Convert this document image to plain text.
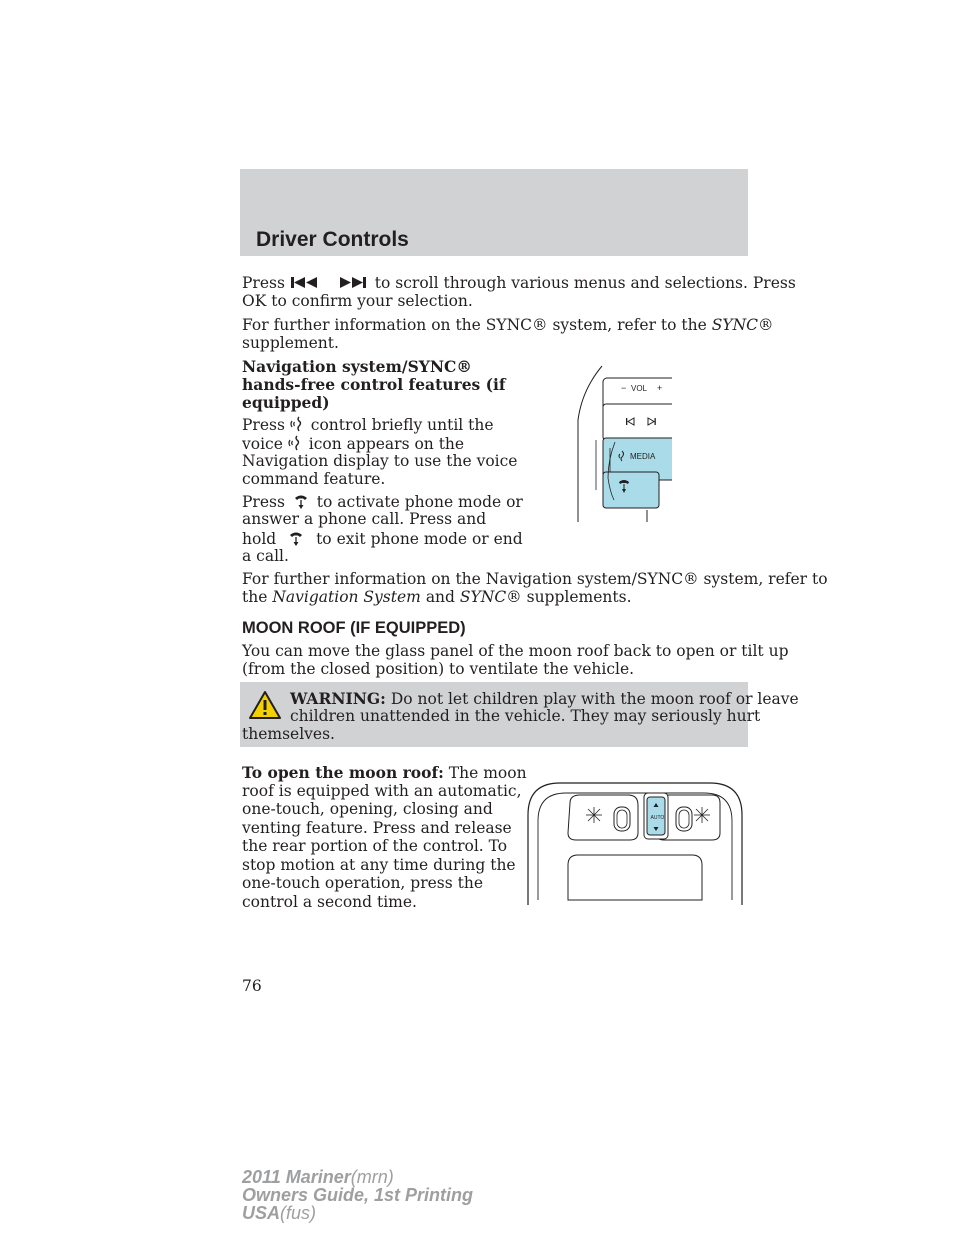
Driver Controls
Press	to scroll through various menus and selections. Press
OK to confirm your selection.
For further information on the SYNC® system, refer to the SYNC®
supplement.
Navigation system/SYNC®
hands-free control features (if
equipped)
Press control briefly until the
voice icon appears on the
Navigation display to use the voice
command feature.
Press to activate phone mode or
answer a phone call. Press and
hold	to exit phone mode or end
a call.
− VOL +
MEDIA
For further information on the Navigation system/SYNC® system, refer to
the Navigation System and SYNC® supplements.
MOON ROOF (IF EQUIPPED)
You can move the glass panel of the moon roof back to open or tilt up
(from the closed position) to ventilate the vehicle.
WARNING: Do not let children play with the moon roof or leave
children unattended in the vehicle. They may seriously hurt
themselves.
To open the moon roof: The moon
roof is equipped with an automatic,
one-touch, opening, closing and
venting feature. Press and release
the rear portion of the control. To
stop motion at any time during the
one-touch operation, press the
control a second time.
AUTO
76
2011 Mariner(mrn)
Owners Guide, 1st Printing
USA(fus)
